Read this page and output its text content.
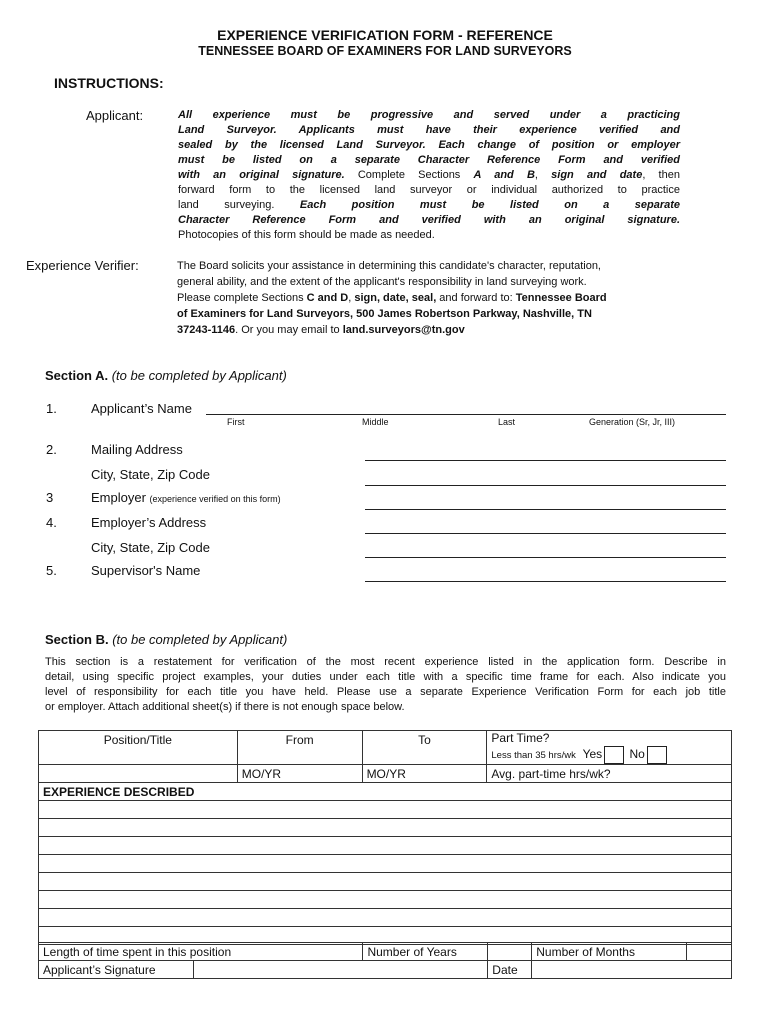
EXPERIENCE VERIFICATION FORM - REFERENCE
TENNESSEE BOARD OF EXAMINERS FOR LAND SURVEYORS
INSTRUCTIONS:
Applicant:	All experience must be progressive and served under a practicing
Land Surveyor. Applicants must have their experience verified and
sealed by the licensed Land Surveyor. Each change of position or employer
must be listed on a separate Character Reference Form and verified
with an original signature. Complete Sections A and B, sign and date, then
forward form to the licensed land surveyor or individual authorized to practice
land surveying. Each position must be listed on a separate
Character Reference Form and verified with an original signature.
Photocopies of this form should be made as needed.
Experience Verifier:	The Board solicits your assistance in determining this candidate's character, reputation,
general ability, and the extent of the applicant's responsibility in land surveying work.
Please complete Sections C and D, sign, date, seal, and forward to: Tennessee Board
of Examiners for Land Surveyors, 500 James Robertson Parkway, Nashville, TN
37243-1146. Or you may email to land.surveyors@tn.gov
Section A. (to be completed by Applicant)
1.	Applicant’s Name
First	Middle	Last	Generation (Sr, Jr, III)
2.	Mailing Address
City, State, Zip Code
3	Employer (experience verified on this form)
4.	Employer’s Address
City, State, Zip Code
5.	Supervisor's Name
Section B. (to be completed by Applicant)
This section is a restatement for verification of the most recent experience listed in the application form. Describe in
detail, using specific project examples, your duties under each title with a specific time frame for each. Also indicate you
level of responsibility for each title you have held. Please use a separate Experience Verification Form for each job title
or employer. Attach additional sheet(s) if there is not enough space below.
Position/Title	From	To	Part Time?
Less than 35 hrs/wk Yes No

	MO/YR	MO/YR	Avg. part-time hrs/wk?
EXPERIENCE DESCRIBED			

Length of time spent in this position		Number of Years		Number of Months	
Applicant’s Signature			Date		
